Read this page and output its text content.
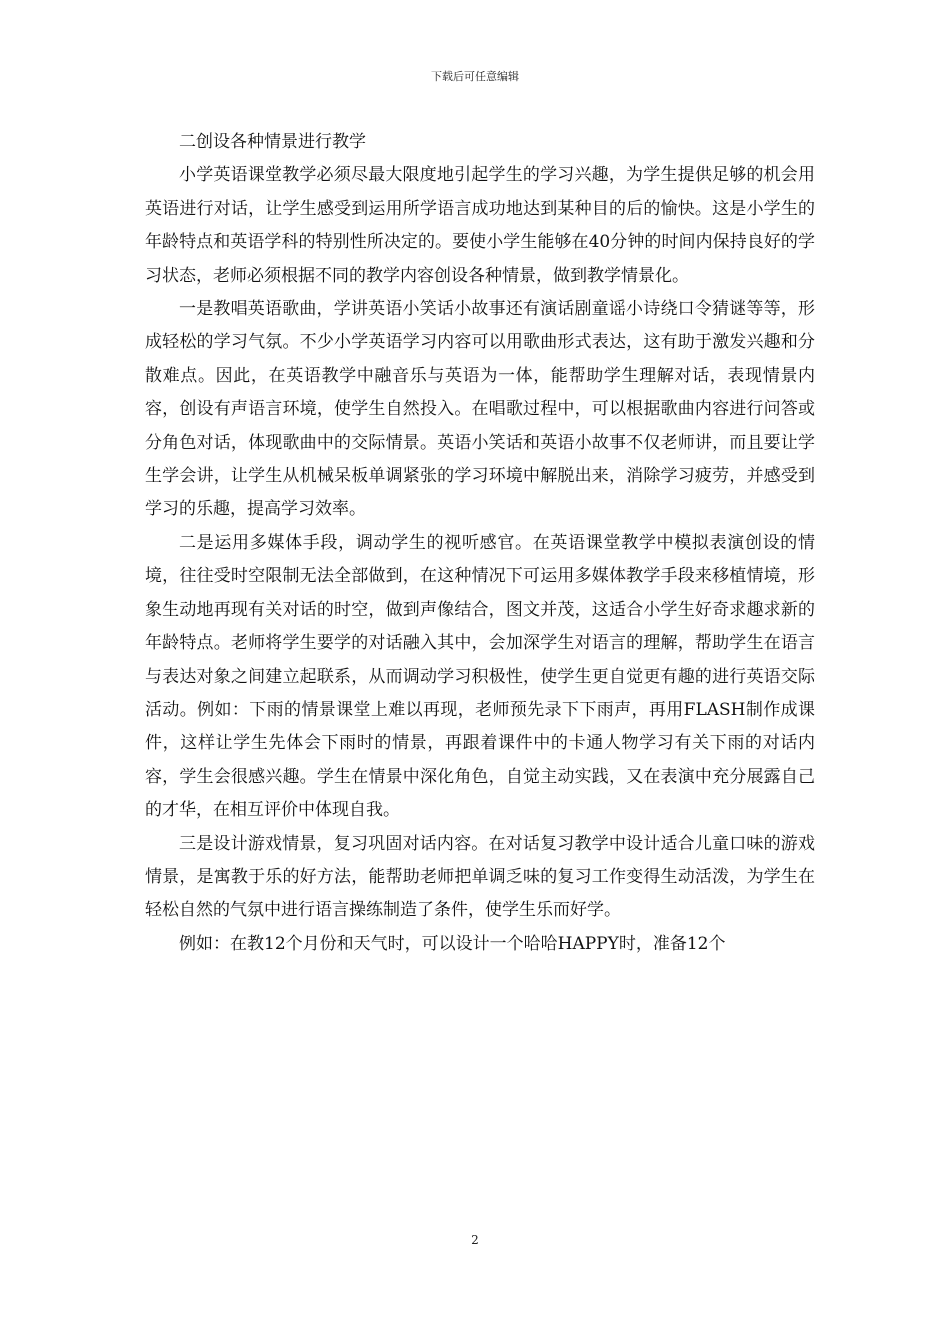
下载后可任意编辑

二创设各种情景进行教学

小学英语课堂教学必须尽最大限度地引起学生的学习兴趣，为学生提供足够的机会用英语进行对话，让学生感受到运用所学语言成功地达到某种目的后的愉快。这是小学生的年龄特点和英语学科的特别性所决定的。要使小学生能够在40分钟的时间内保持良好的学习状态，老师必须根据不同的教学内容创设各种情景，做到教学情景化。

一是教唱英语歌曲，学讲英语小笑话小故事还有演话剧童谣小诗绕口令猜谜等等，形成轻松的学习气氛。不少小学英语学习内容可以用歌曲形式表达，这有助于激发兴趣和分散难点。因此，在英语教学中融音乐与英语为一体，能帮助学生理解对话，表现情景内容，创设有声语言环境，使学生自然投入。在唱歌过程中，可以根据歌曲内容进行问答或分角色对话，体现歌曲中的交际情景。英语小笑话和英语小故事不仅老师讲，而且要让学生学会讲，让学生从机械呆板单调紧张的学习环境中解脱出来，消除学习疲劳，并感受到学习的乐趣，提高学习效率。

二是运用多媒体手段，调动学生的视听感官。在英语课堂教学中模拟表演创设的情境，往往受时空限制无法全部做到，在这种情况下可运用多媒体教学手段来移植情境，形象生动地再现有关对话的时空，做到声像结合，图文并茂，这适合小学生好奇求趣求新的年龄特点。老师将学生要学的对话融入其中，会加深学生对语言的理解，帮助学生在语言与表达对象之间建立起联系，从而调动学习积极性，使学生更自觉更有趣的进行英语交际活动。例如：下雨的情景课堂上难以再现，老师预先录下下雨声，再用FLASH制作成课件，这样让学生先体会下雨时的情景，再跟着课件中的卡通人物学习有关下雨的对话内容，学生会很感兴趣。学生在情景中深化角色，自觉主动实践，又在表演中充分展露自己的才华，在相互评价中体现自我。

三是设计游戏情景，复习巩固对话内容。在对话复习教学中设计适合儿童口味的游戏情景，是寓教于乐的好方法，能帮助老师把单调乏味的复习工作变得生动活泼，为学生在轻松自然的气氛中进行语言操练制造了条件，使学生乐而好学。

例如：在教12个月份和天气时，可以设计一个哈哈HAPPY时，准备12个

2
